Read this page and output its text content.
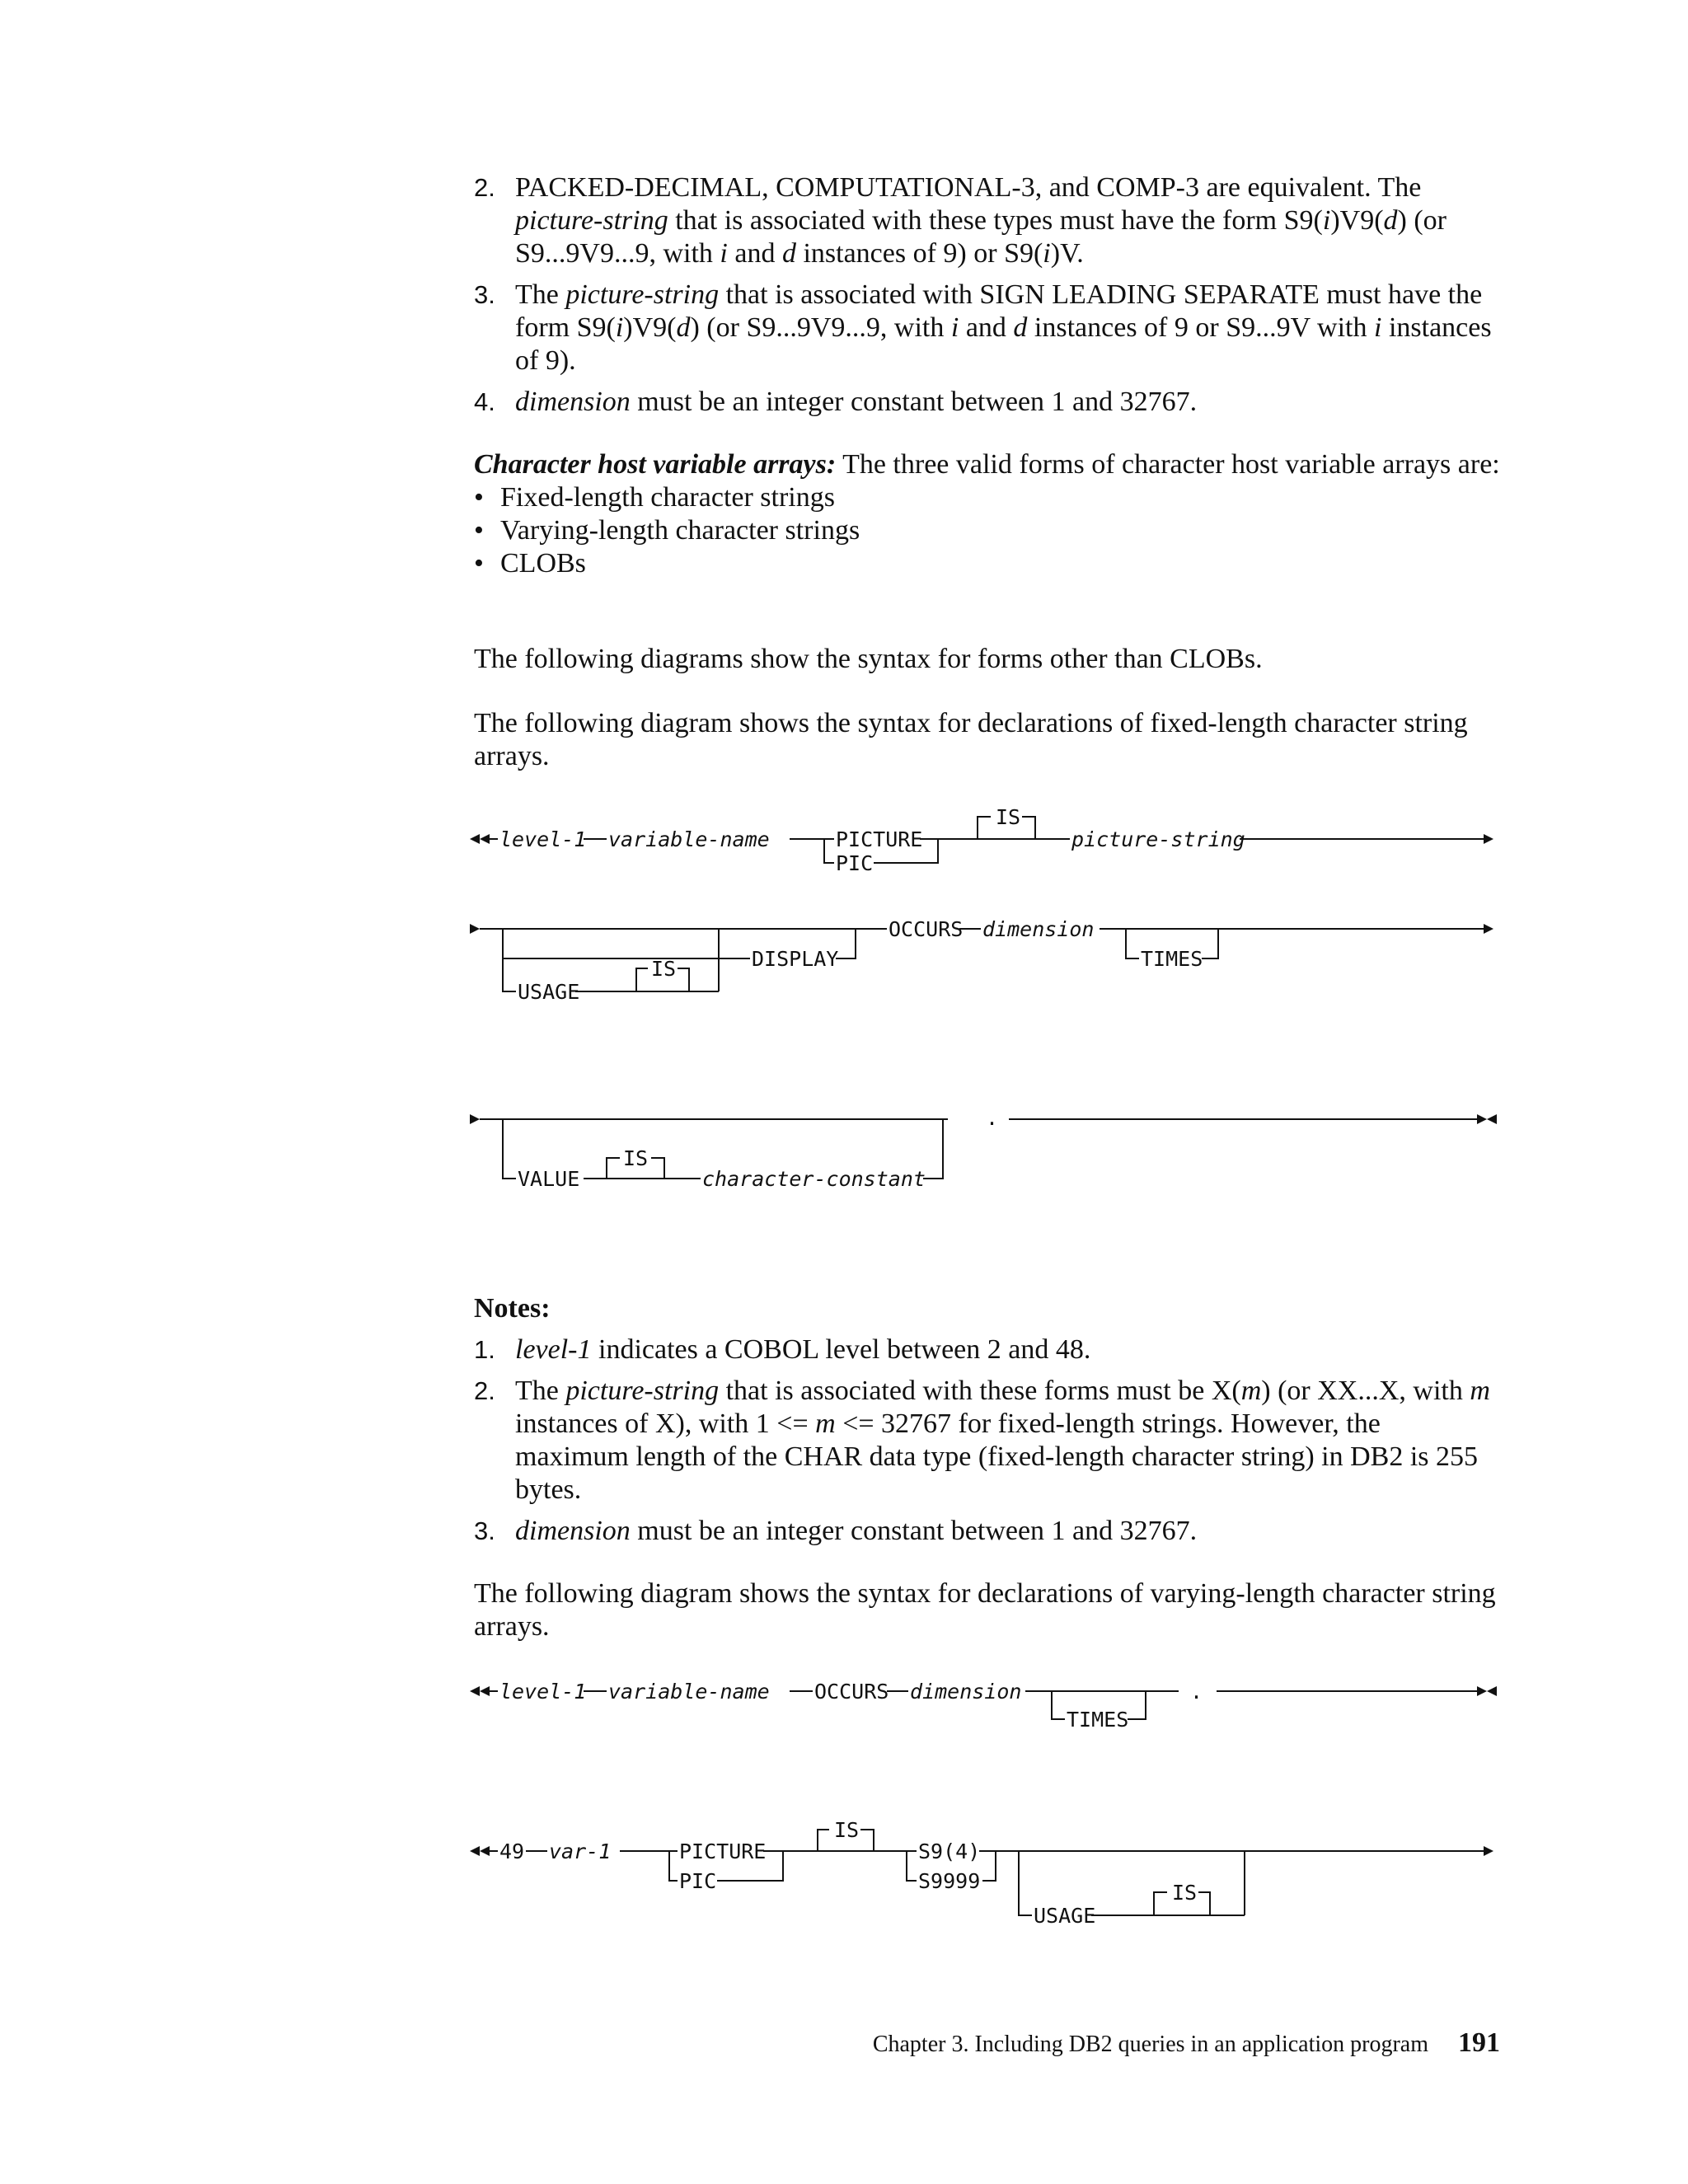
2. PACKED-DECIMAL, COMPUTATIONAL-3, and COMP-3 are equivalent. The picture-string that is associated with these types must have the form S9(i)V9(d) (or S9...9V9...9, with i and d instances of 9) or S9(i)V.
3. The picture-string that is associated with SIGN LEADING SEPARATE must have the form S9(i)V9(d) (or S9...9V9...9, with i and d instances of 9 or S9...9V with i instances of 9).
4. dimension must be an integer constant between 1 and 32767.

Character host variable arrays: The three valid forms of character host variable arrays are:

• Fixed-length character strings
• Varying-length character strings
• CLOBs

The following diagrams show the syntax for forms other than CLOBs.

The following diagram shows the syntax for declarations of fixed-length character string arrays.

level-1 variable-name	PICTURE
PIC
IS
picture-string
USAGE
IS	DISPLAY
OCCURS dimension
TIMES
VALUE
IS
character-constant
.

Notes:

1. level-1 indicates a COBOL level between 2 and 48.
2. The picture-string that is associated with these forms must be X(m) (or XX...X, with m instances of X), with 1 <= m <= 32767 for fixed-length strings. However, the maximum length of the CHAR data type (fixed-length character string) in DB2 is 255 bytes.
3. dimension must be an integer constant between 1 and 32767.

The following diagram shows the syntax for declarations of varying-length character string arrays.

level-1 variable-name OCCURS dimension
TIMES
.
49 var-1	PICTURE
PIC
IS
S9(4)
S9999
USAGE
IS
Chapter 3. Including DB2 queries in an application program 191
